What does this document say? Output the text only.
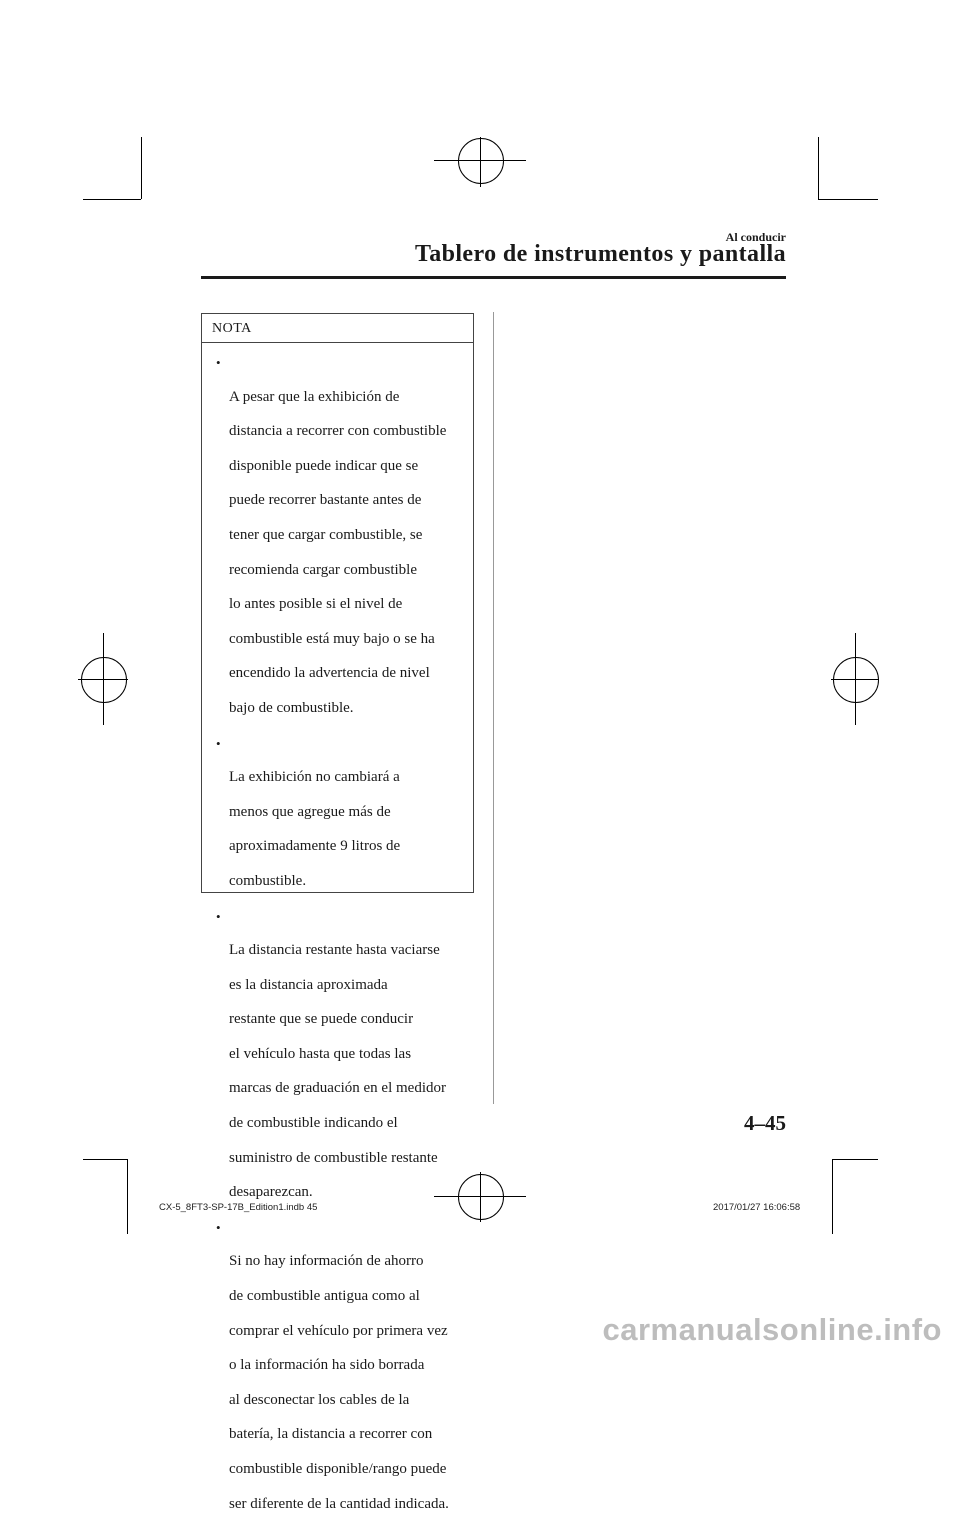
Al conducir
Tablero de instrumentos y pantalla
NOTA

•

A pesar que la exhibición de

distancia a recorrer con combustible

disponible puede indicar que se

puede recorrer bastante antes de

tener que cargar combustible, se

recomienda cargar combustible

lo antes posible si el nivel de

combustible está muy bajo o se ha

encendido la advertencia de nivel

bajo de combustible.

•

La exhibición no cambiará a

menos que agregue más de

aproximadamente 9 litros de

combustible.

•

La distancia restante hasta vaciarse

es la distancia aproximada

restante que se puede conducir

el vehículo hasta que todas las

marcas de graduación en el medidor

de combustible indicando el

suministro de combustible restante

desaparezcan.

•

Si no hay información de ahorro

de combustible antigua como al

comprar el vehículo por primera vez

o la información ha sido borrada

al desconectar los cables de la

batería, la distancia a recorrer con

combustible disponible/rango puede

ser diferente de la cantidad indicada.

4–45
CX-5_8FT3-SP-17B_Edition1.indb 45	2017/01/27 16:06:58
carmanualsonline.info
